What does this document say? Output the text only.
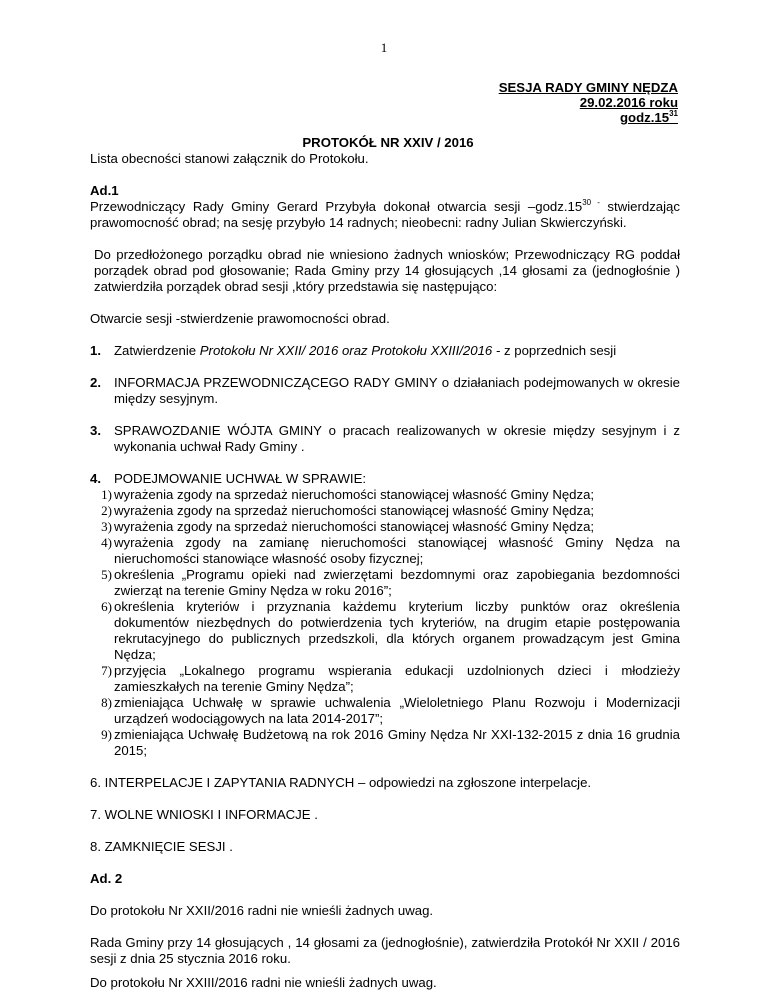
1
SESJA RADY GMINY NĘDZA
29.02.2016 roku
$godz.15^{31}$
PROTOKÓŁ NR XXIV / 2016
Lista obecności stanowi załącznik do Protokołu.
Ad.1
Przewodniczący Rady Gminy Gerard Przybyła dokonał otwarcia sesji $-godz.15^{30 -}$ stwierdzając prawomocność obrad; na sesję przybyło 14 radnych; nieobecni: radny Julian Skwierczyński.
Do przedłożonego porządku obrad nie wniesiono żadnych wniosków; Przewodniczący RG poddał porządek obrad pod głosowanie; Rada Gminy przy 14 głosujących ,14 głosami za (jednogłośnie ) zatwierdziła porządek obrad sesji ,który przedstawia się następująco:
Otwarcie sesji -stwierdzenie prawomocności obrad.
1. Zatwierdzenie Protokołu Nr XXII/ 2016 oraz Protokołu XXIII/2016 - z poprzednich sesji
2. INFORMACJA PRZEWODNICZĄCEGO RADY GMINY o działaniach podejmowanych w okresie między sesyjnym.
3. SPRAWOZDANIE WÓJTA GMINY o pracach realizowanych w okresie między sesyjnym i z wykonania uchwał Rady Gminy .
4. PODEJMOWANIE UCHWAŁ W SPRAWIE:
1) wyrażenia zgody na sprzedaż nieruchomości stanowiącej własność Gminy Nędza;
2) wyrażenia zgody na sprzedaż nieruchomości stanowiącej własność Gminy Nędza;
3) wyrażenia zgody na sprzedaż nieruchomości stanowiącej własność Gminy Nędza;
4) wyrażenia zgody na zamianę nieruchomości stanowiącej własność Gminy Nędza na nieruchomości stanowiące własność osoby fizycznej;
5) określenia „Programu opieki nad zwierzętami bezdomnymi oraz zapobiegania bezdomności zwierząt na terenie Gminy Nędza w roku 2016”;
6) określenia kryteriów i przyznania każdemu kryterium liczby punktów oraz określenia dokumentów niezbędnych do potwierdzenia tych kryteriów, na drugim etapie postępowania rekrutacyjnego do publicznych przedszkoli, dla których organem prowadzącym jest Gmina Nędza;
7) przyjęcia „Lokalnego programu wspierania edukacji uzdolnionych dzieci i młodzieży zamieszkałych na terenie Gminy Nędza”;
8) zmieniająca Uchwałę w sprawie uchwalenia „Wieloletniego Planu Rozwoju i Modernizacji urządzeń wodociągowych na lata 2014-2017”;
9) zmieniająca Uchwałę Budżetową na rok 2016 Gminy Nędza Nr XXI-132-2015 z dnia 16 grudnia 2015;
6. INTERPELACJE I ZAPYTANIA RADNYCH – odpowiedzi na zgłoszone interpelacje.
7. WOLNE WNIOSKI I INFORMACJE .
8. ZAMKNIĘCIE SESJI .
Ad. 2
Do protokołu Nr XXII/2016 radni nie wnieśli żadnych uwag.
Rada Gminy przy 14 głosujących , 14 głosami za (jednogłośnie), zatwierdziła Protokół Nr XXII / 2016 sesji z dnia 25 stycznia 2016 roku.
Do protokołu Nr XXIII/2016 radni nie wnieśli żadnych uwag.
